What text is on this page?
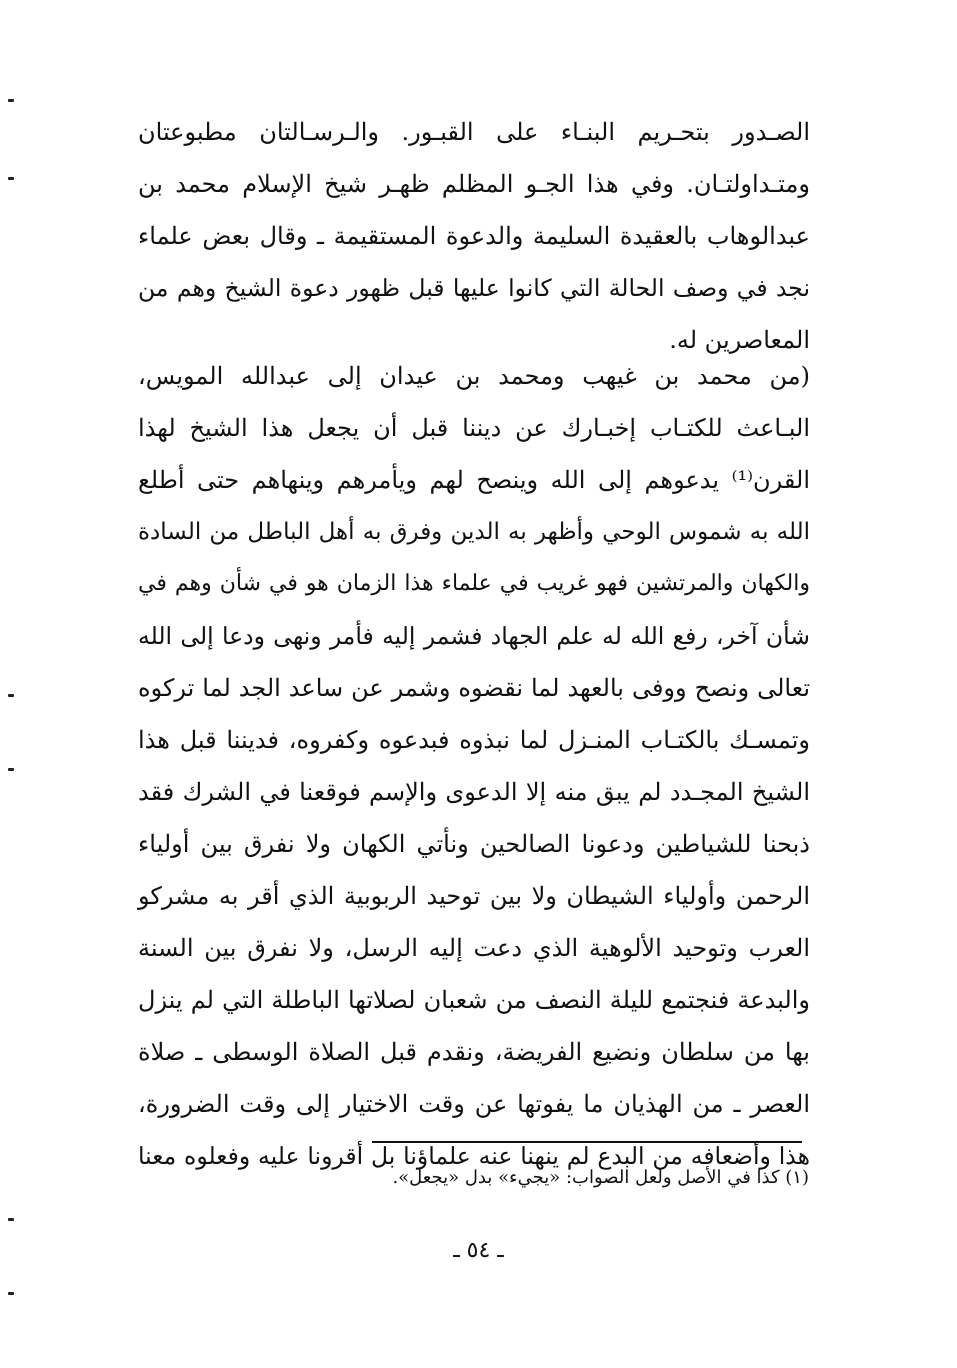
الصـدور بتحـريم البنـاء على القبـور. والـرسـالتان مطبوعتان
ومتـداولتـان. وفي هذا الجـو المظلم ظهـر شيخ الإسلام محمد بن
عبدالوهاب بالعقيدة السليمة والدعوة المستقيمة ـ وقال بعض علماء
نجد في وصف الحالة التي كانوا عليها قبل ظهور دعوة الشيخ وهم من
المعاصرين له.
(من محمد بن غيهب ومحمد بن عيدان إلى عبدالله المويس،
البـاعث للكتـاب إخبـارك عن ديننا قبل أن يجعل هذا الشيخ لهذا
القرن⁽¹⁾ يدعوهم إلى الله وينصح لهم ويأمرهم وينهاهم حتى أطلع
الله به شموس الوحي وأظهر به الدين وفرق به أهل الباطل من السادة
والكهان والمرتشين فهو غريب في علماء هذا الزمان هو في شأن وهم في
شأن آخر، رفع الله له علم الجهاد فشمر إليه فأمر ونهى ودعا إلى الله
تعالى ونصح ووفى بالعهد لما نقضوه وشمر عن ساعد الجد لما تركوه
وتمسـك بالكتـاب المنـزل لما نبذوه فبدعوه وكفروه، فديننا قبل هذا
الشيخ المجـدد لم يبق منه إلا الدعوى والإسم فوقعنا في الشرك فقد
ذبحنا للشياطين ودعونا الصالحين ونأتي الكهان ولا نفرق بين أولياء
الرحمن وأولياء الشيطان ولا بين توحيد الربوبية الذي أقر به مشركو
العرب وتوحيد الألوهية الذي دعت إليه الرسل، ولا نفرق بين السنة
والبدعة فنجتمع لليلة النصف من شعبان لصلاتها الباطلة التي لم ينزل
بها من سلطان ونضيع الفريضة، ونقدم قبل الصلاة الوسطى ـ صلاة
العصر ـ من الهذيان ما يفوتها عن وقت الاختيار إلى وقت الضرورة،
هذا وأضعافه من البدع لم ينهنا عنه علماؤنا بل أقرونا عليه وفعلوه معنا
(١) كذا في الأصل ولعل الصواب: «يجيء» بدل «يجعل».
ـ ٥٤ ـ
